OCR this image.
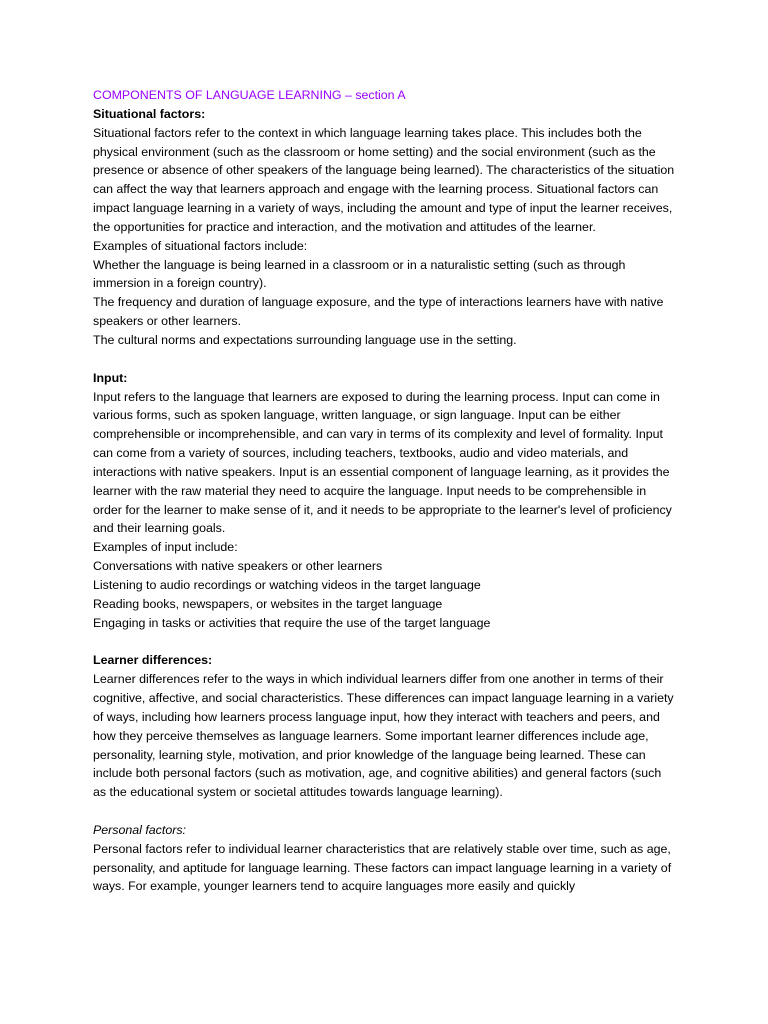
COMPONENTS OF LANGUAGE LEARNING – section A

Situational factors:

Situational factors refer to the context in which language learning takes place. This includes both the physical environment (such as the classroom or home setting) and the social environment (such as the presence or absence of other speakers of the language being learned). The characteristics of the situation can affect the way that learners approach and engage with the learning process. Situational factors can impact language learning in a variety of ways, including the amount and type of input the learner receives, the opportunities for practice and interaction, and the motivation and attitudes of the learner.

Examples of situational factors include:

Whether the language is being learned in a classroom or in a naturalistic setting (such as through immersion in a foreign country).

The frequency and duration of language exposure, and the type of interactions learners have with native speakers or other learners.

The cultural norms and expectations surrounding language use in the setting.

Input:

Input refers to the language that learners are exposed to during the learning process. Input can come in various forms, such as spoken language, written language, or sign language. Input can be either comprehensible or incomprehensible, and can vary in terms of its complexity and level of formality. Input can come from a variety of sources, including teachers, textbooks, audio and video materials, and interactions with native speakers. Input is an essential component of language learning, as it provides the learner with the raw material they need to acquire the language. Input needs to be comprehensible in order for the learner to make sense of it, and it needs to be appropriate to the learner's level of proficiency and their learning goals.

Examples of input include:

Conversations with native speakers or other learners

Listening to audio recordings or watching videos in the target language

Reading books, newspapers, or websites in the target language

Engaging in tasks or activities that require the use of the target language

Learner differences:

Learner differences refer to the ways in which individual learners differ from one another in terms of their cognitive, affective, and social characteristics. These differences can impact language learning in a variety of ways, including how learners process language input, how they interact with teachers and peers, and how they perceive themselves as language learners. Some important learner differences include age, personality, learning style, motivation, and prior knowledge of the language being learned. These can include both personal factors (such as motivation, age, and cognitive abilities) and general factors (such as the educational system or societal attitudes towards language learning).

Personal factors:

Personal factors refer to individual learner characteristics that are relatively stable over time, such as age, personality, and aptitude for language learning. These factors can impact language learning in a variety of ways. For example, younger learners tend to acquire languages more easily and quickly
